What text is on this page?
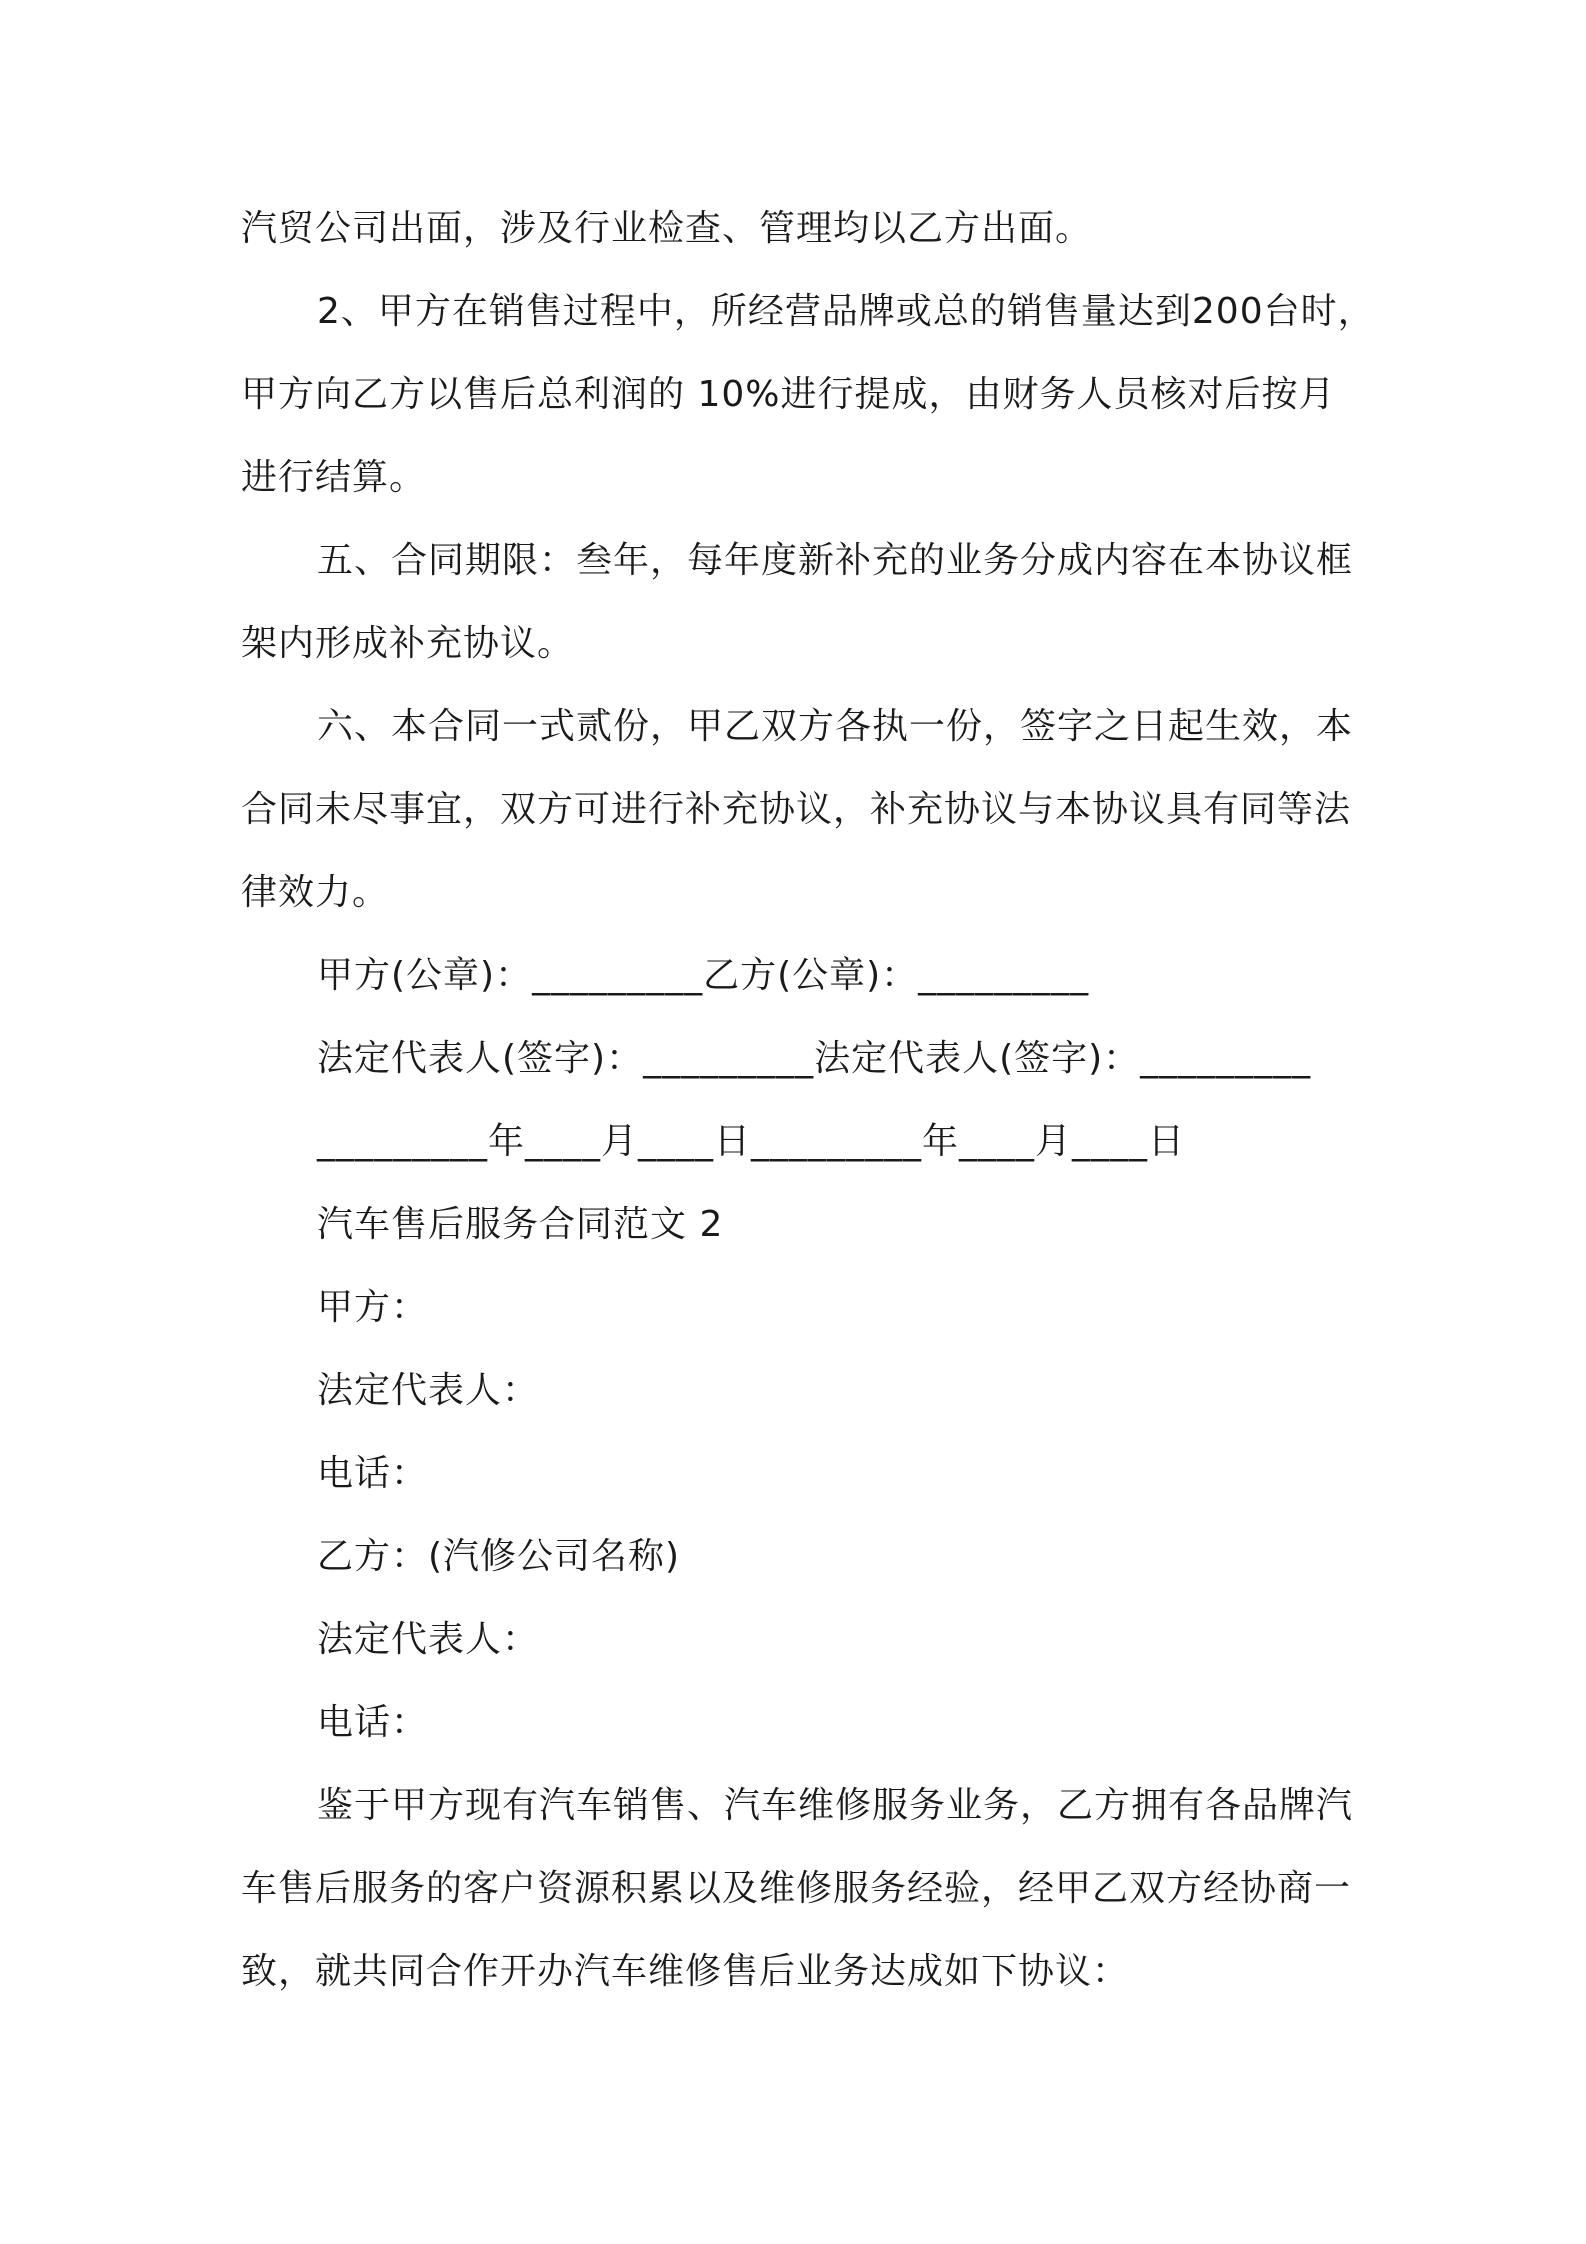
汽贸公司出面，涉及行业检查、管理均以乙方出面。
2、甲方在销售过程中，所经营品牌或总的销售量达到200台时，
甲方向乙方以售后总利润的 10%进行提成，由财务人员核对后按月
进行结算。
五、合同期限：叁年，每年度新补充的业务分成内容在本协议框
架内形成补充协议。
六、本合同一式贰份，甲乙双方各执一份，签字之日起生效，本
合同未尽事宜，双方可进行补充协议，补充协议与本协议具有同等法
律效力。
甲方(公章)：_________乙方(公章)：_________
法定代表人(签字)：_________法定代表人(签字)：_________
_________年____月____日_________年____月____日
汽车售后服务合同范文 2
甲方：
法定代表人：
电话：
乙方：(汽修公司名称)
法定代表人：
电话：
鉴于甲方现有汽车销售、汽车维修服务业务，乙方拥有各品牌汽
车售后服务的客户资源积累以及维修服务经验，经甲乙双方经协商一
致，就共同合作开办汽车维修售后业务达成如下协议：
